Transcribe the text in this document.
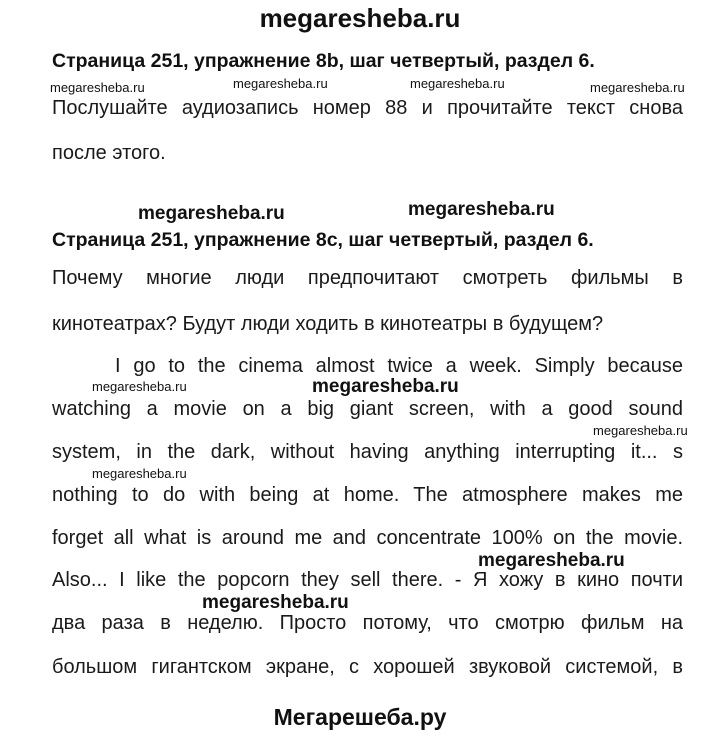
megaresheba.ru
Страница 251, упражнение 8b, шаг четвертый, раздел 6.
megaresheba.ru	megaresheba.ru	megaresheba.ru	megaresheba.ru
Послушайте аудиозапись номер 88 и прочитайте текст снова
после этого.
megaresheba.ru	megaresheba.ru
Страница 251, упражнение 8c, шаг четвертый, раздел 6.
Почему многие люди предпочитают смотреть фильмы в
кинотеатрах? Будут люди ходить в кинотеатры в будущем?
I go to the cinema almost twice a week. Simply because
megaresheba.ru	megaresheba.ru
watching a movie on a big giant screen, with a good sound
megaresheba.ru
system, in the dark, without having anything interrupting it... s
megaresheba.ru
nothing to do with being at home. The atmosphere makes me
forget all what is around me and concentrate 100% on the movie.
megaresheba.ru
Also... I like the popcorn they sell there. - Я хожу в кино почти
megaresheba.ru
два раза в неделю. Просто потому, что смотрю фильм на
большом гигантском экране, с хорошей звуковой системой, в
Мегарешеба.ру
